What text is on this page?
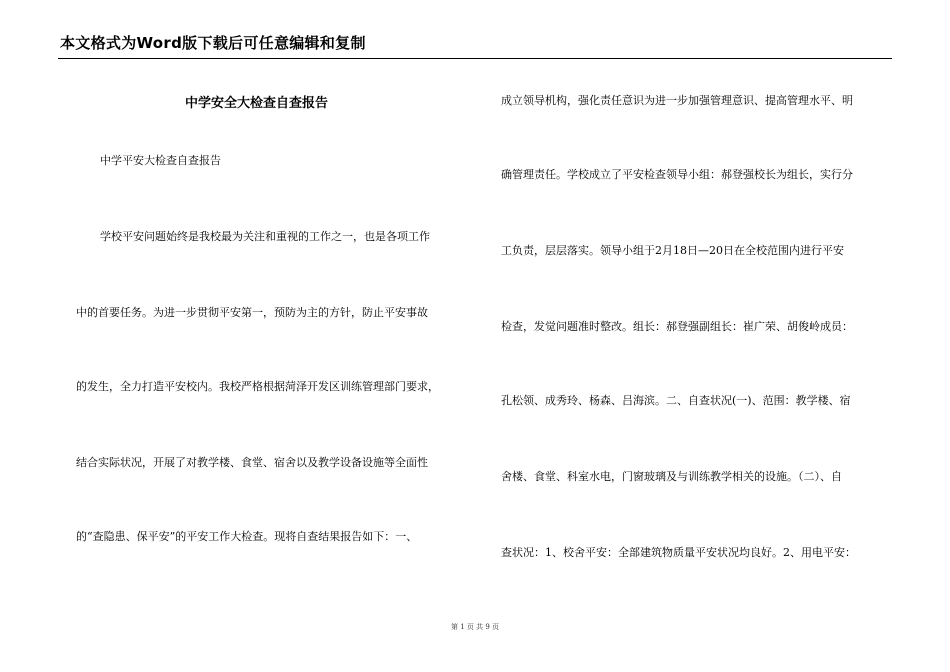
本文格式为Word版下载后可任意编辑和复制
中学安全大检查自查报告
中学平安大检查自查报告
学校平安问题始终是我校最为关注和重视的工作之一，也是各项工作
中的首要任务。为进一步贯彻平安第一，预防为主的方针，防止平安事故
的发生，全力打造平安校内。我校严格根据菏泽开发区训练管理部门要求，
结合实际状况，开展了对教学楼、食堂、宿舍以及教学设备设施等全面性
的“查隐患、保平安”的平安工作大检查。现将自查结果报告如下：一、
成立领导机构，强化责任意识为进一步加强管理意识、提高管理水平、明
确管理责任。学校成立了平安检查领导小组：郝登强校长为组长，实行分
工负责，层层落实。领导小组于2月18日—20日在全校范围内进行平安
检查，发觉问题准时整改。组长：郝登强副组长：崔广荣、胡俊岭成员：
孔松领、成秀玲、杨森、吕海滨。二、自查状况(一)、范围：教学楼、宿
舍楼、食堂、科室水电，门窗玻璃及与训练教学相关的设施。（二）、自
查状况：1、校舍平安：全部建筑物质量平安状况均良好。2、用电平安：
第 1 页 共 9 页
